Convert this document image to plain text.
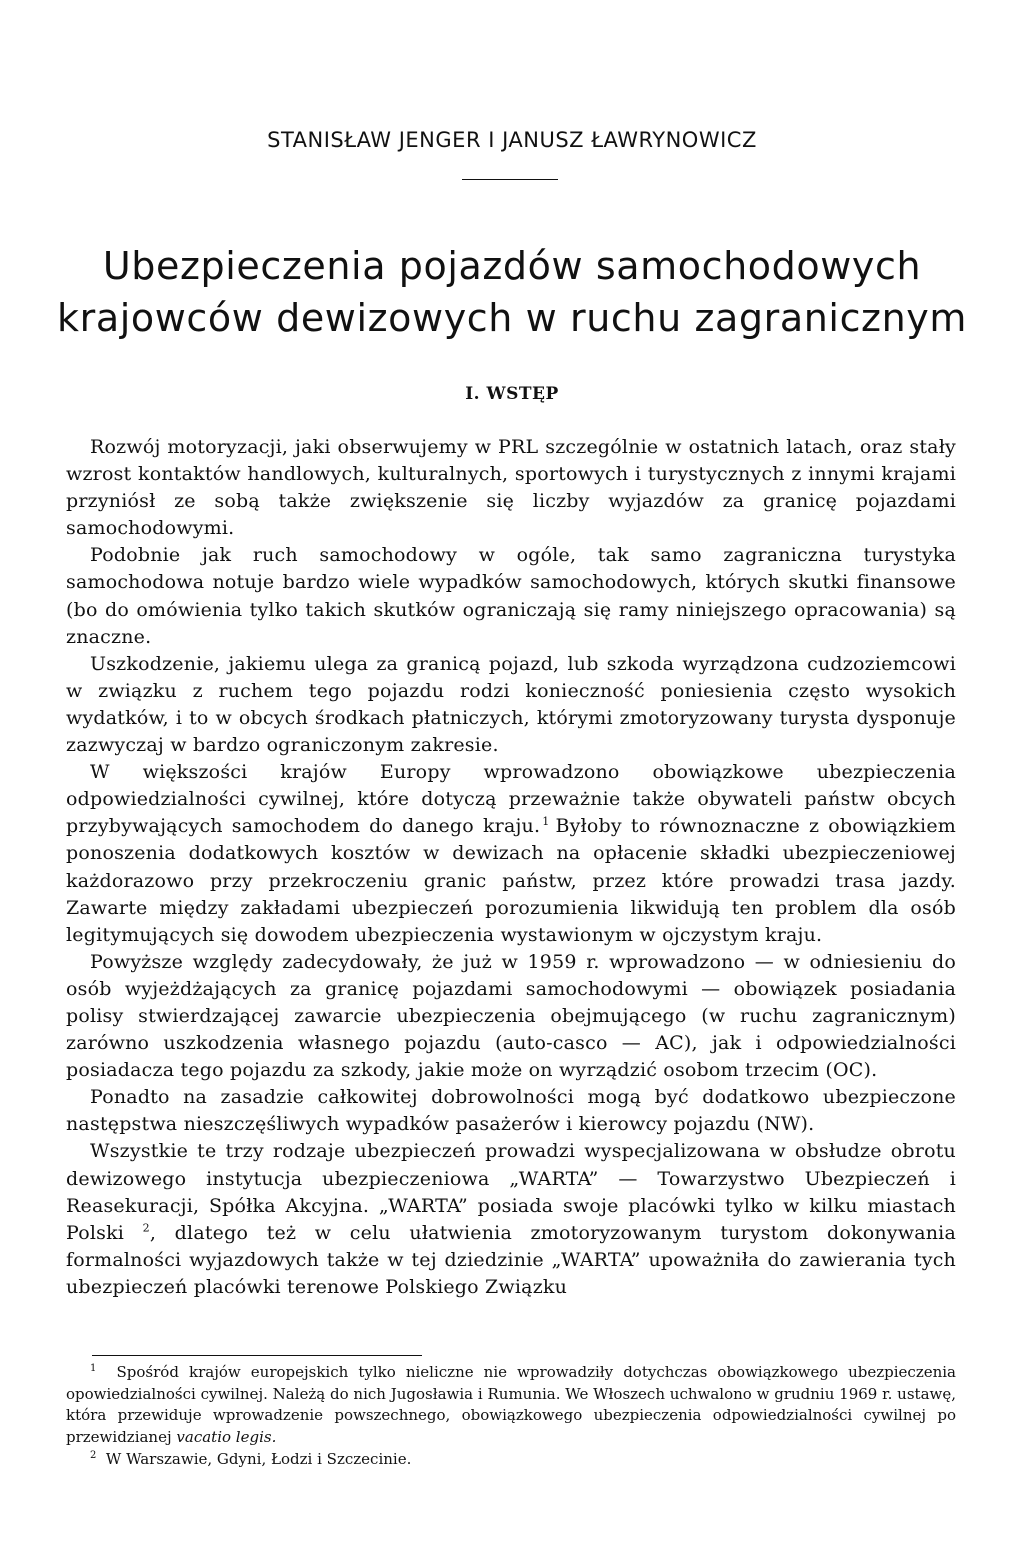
STANISŁAW JENGER I JANUSZ ŁAWRYNOWICZ
Ubezpieczenia pojazdów samochodowych
krajowców dewizowych w ruchu zagranicznym
I. WSTĘP

Rozwój motoryzacji, jaki obserwujemy w PRL szczególnie w ostatnich latach, oraz stały wzrost kontaktów handlowych, kulturalnych, sportowych i turystycznych z innymi krajami przyniósł ze sobą także zwiększenie się liczby wyjazdów za granicę pojazdami samochodowymi.

Podobnie jak ruch samochodowy w ogóle, tak samo zagraniczna turystyka samochodowa notuje bardzo wiele wypadków samochodowych, których skutki finansowe (bo do omówienia tylko takich skutków ograniczają się ramy niniejszego opracowania) są znaczne.

Uszkodzenie, jakiemu ulega za granicą pojazd, lub szkoda wyrządzona cudzoziemcowi w związku z ruchem tego pojazdu rodzi konieczność poniesienia często wysokich wydatków, i to w obcych środkach płatniczych, którymi zmotoryzowany turysta dysponuje zazwyczaj w bardzo ograniczonym zakresie.

W większości krajów Europy wprowadzono obowiązkowe ubezpieczenia odpowiedzialności cywilnej, które dotyczą przeważnie także obywateli państw obcych przybywających samochodem do danego kraju. $^1$ Byłoby to równoznaczne z obowiązkiem ponoszenia dodatkowych kosztów w dewizach na opłacenie składki ubezpieczeniowej każdorazowo przy przekroczeniu granic państw, przez które prowadzi trasa jazdy. Zawarte między zakładami ubezpieczeń porozumienia likwidują ten problem dla osób legitymujących się dowodem ubezpieczenia wystawionym w ojczystym kraju.

Powyższe względy zadecydowały, że już w 1959 r. wprowadzono — w odniesieniu do osób wyjeżdżających za granicę pojazdami samochodowymi — obowiązek posiadania polisy stwierdzającej zawarcie ubezpieczenia obejmującego (w ruchu zagranicznym) zarówno uszkodzenia własnego pojazdu (auto-casco — AC), jak i odpowiedzialności posiadacza tego pojazdu za szkody, jakie może on wyrządzić osobom trzecim (OC).

Ponadto na zasadzie całkowitej dobrowolności mogą być dodatkowo ubezpieczone następstwa nieszczęśliwych wypadków pasażerów i kierowcy pojazdu (NW).

Wszystkie te trzy rodzaje ubezpieczeń prowadzi wyspecjalizowana w obsłudze obrotu dewizowego instytucja ubezpieczeniowa „WARTA” — Towarzystwo Ubezpieczeń i Reasekuracji, Spółka Akcyjna. „WARTA” posiada swoje placówki tylko w kilku miastach Polski $^2$, dlatego też w celu ułatwienia zmotoryzowanym turystom dokonywania formalności wyjazdowych także w tej dziedzinie „WARTA” upoważniła do zawierania tych ubezpieczeń placówki terenowe Polskiego Związku

$^1$ Spośród krajów europejskich tylko nieliczne nie wprowadziły dotychczas obowiązkowego ubezpieczenia opowiedzialności cywilnej. Należą do nich Jugosławia i Rumunia. We Włoszech uchwalono w grudniu 1969 r. ustawę, która przewiduje wprowadzenie powszechnego, obowiązkowego ubezpieczenia odpowiedzialności cywilnej po przewidzianej vacatio legis.

$^2$ W Warszawie, Gdyni, Łodzi i Szczecinie.
